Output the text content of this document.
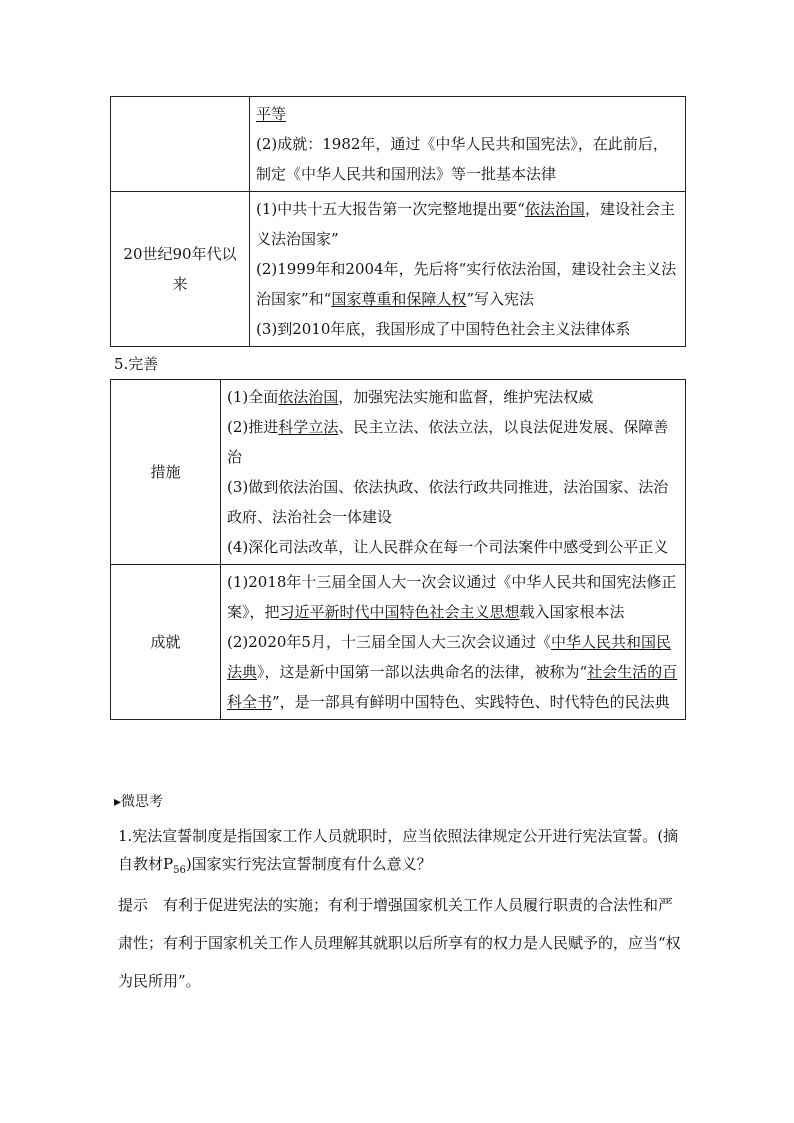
	平等
(2)成就：1982年，通过《中华人民共和国宪法》，在此前后，
制定《中华人民共和国刑法》等一批基本法律

20世纪90年代以来	(1)中共十五大报告第一次完整地提出要“依法治国，建设社会主义法治国家”
(2)1999年和2004年，先后将“实行依法治国，建设社会主义法治国家”和“国家尊重和保障人权”写入宪法
(3)到2010年底，我国形成了中国特色社会主义法律体系
5.完善
措施	(1)全面依法治国，加强宪法实施和监督，维护宪法权威
(2)推进科学立法、民主立法、依法立法，以良法促进发展、保障善治
(3)做到依法治国、依法执政、依法行政共同推进，法治国家、法治政府、法治社会一体建设
(4)深化司法改革，让人民群众在每一个司法案件中感受到公平正义

成就	(1)2018年十三届全国人大一次会议通过《中华人民共和国宪法修正案》，把习近平新时代中国特色社会主义思想载入国家根本法
(2)2020年5月，十三届全国人大三次会议通过《中华人民共和国民法典》，这是新中国第一部以法典命名的法律，被称为“社会生活的百科全书”，是一部具有鲜明中国特色、实践特色、时代特色的民法典
▸微思考
1.宪法宣誓制度是指国家工作人员就职时，应当依照法律规定公开进行宪法宣誓。(摘自教材$P_{56}$)国家实行宪法宣誓制度有什么意义？
提示　 有利于促进宪法的实施；有利于增强国家机关工作人员履行职责的合法性和严肃性；有利于国家机关工作人员理解其就职以后所享有的权力是人民赋予的，应当“权为民所用”。
